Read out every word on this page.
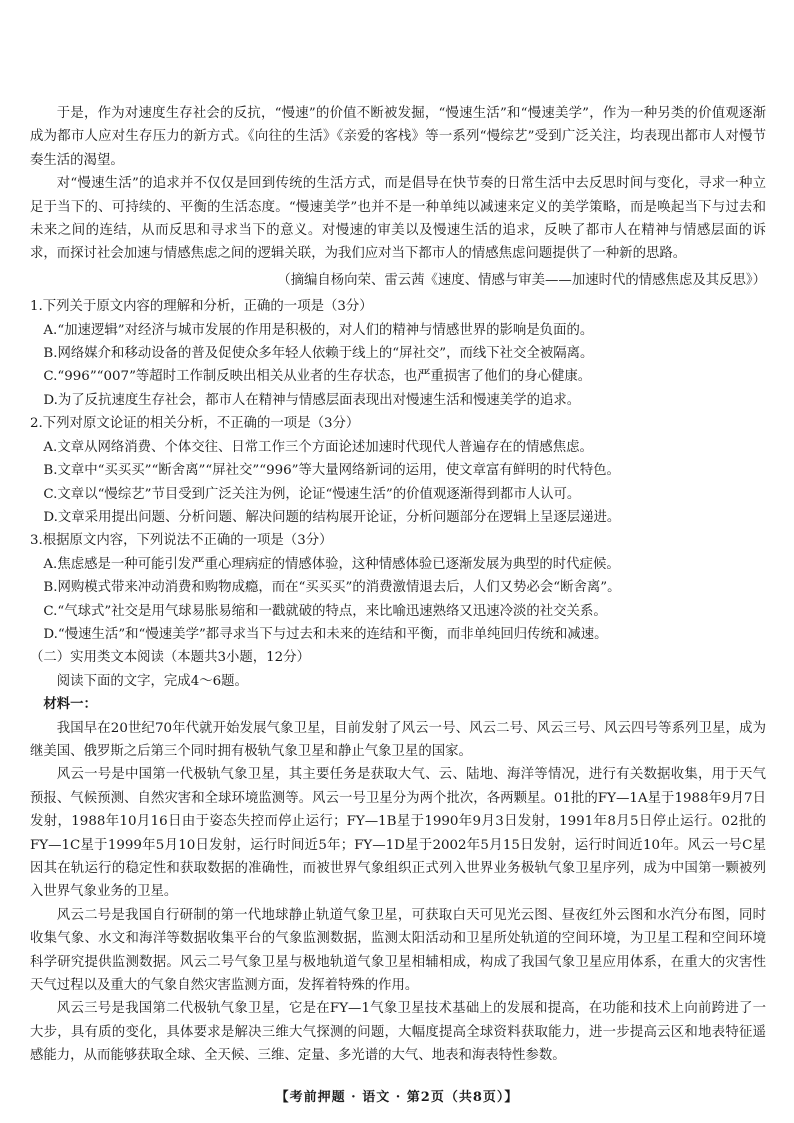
于是，作为对速度生存社会的反抗，“慢速”的价值不断被发掘，“慢速生活”和“慢速美学”，作为一种另类的价值观逐渐成为都市人应对生存压力的新方式。《向往的生活》《亲爱的客栈》等一系列“慢综艺”受到广泛关注，均表现出都市人对慢节奏生活的渴望。

对“慢速生活”的追求并不仅仅是回到传统的生活方式，而是倡导在快节奏的日常生活中去反思时间与变化，寻求一种立足于当下的、可持续的、平衡的生活态度。“慢速美学”也并不是一种单纯以减速来定义的美学策略，而是唤起当下与过去和未来之间的连结，从而反思和寻求当下的意义。对慢速的审美以及慢速生活的追求，反映了都市人在精神与情感层面的诉求，而探讨社会加速与情感焦虑之间的逻辑关联，为我们应对当下都市人的情感焦虑问题提供了一种新的思路。

（摘编自杨向荣、雷云茜《速度、情感与审美——加速时代的情感焦虑及其反思》）

1.下列关于原文内容的理解和分析，正确的一项是（3分）

A.“加速逻辑”对经济与城市发展的作用是积极的，对人们的精神与情感世界的影响是负面的。

B.网络媒介和移动设备的普及促使众多年轻人依赖于线上的“屏社交”，而线下社交全被隔离。

C.“996”“007”等超时工作制反映出相关从业者的生存状态，也严重损害了他们的身心健康。

D.为了反抗速度生存社会，都市人在精神与情感层面表现出对慢速生活和慢速美学的追求。

2.下列对原文论证的相关分析，不正确的一项是（3分）

A.文章从网络消费、个体交往、日常工作三个方面论述加速时代现代人普遍存在的情感焦虑。

B.文章中“买买买”“断舍离”“屏社交”“996”等大量网络新词的运用，使文章富有鲜明的时代特色。

C.文章以“慢综艺”节目受到广泛关注为例，论证“慢速生活”的价值观逐渐得到都市人认可。

D.文章采用提出问题、分析问题、解决问题的结构展开论证，分析问题部分在逻辑上呈逐层递进。

3.根据原文内容，下列说法不正确的一项是（3分）

A.焦虑感是一种可能引发严重心理病症的情感体验，这种情感体验已逐渐发展为典型的时代症候。

B.网购模式带来冲动消费和购物成瘾，而在“买买买”的消费激情退去后，人们又势必会“断舍离”。

C.“气球式”社交是用气球易胀易缩和一戳就破的特点，来比喻迅速熟络又迅速冷淡的社交关系。

D.“慢速生活”和“慢速美学”都寻求当下与过去和未来的连结和平衡，而非单纯回归传统和减速。

（二）实用类文本阅读（本题共3小题，12分）

阅读下面的文字，完成4～6题。

材料一：

我国早在20世纪70年代就开始发展气象卫星，目前发射了风云一号、风云二号、风云三号、风云四号等系列卫星，成为继美国、俄罗斯之后第三个同时拥有极轨气象卫星和静止气象卫星的国家。

风云一号是中国第一代极轨气象卫星，其主要任务是获取大气、云、陆地、海洋等情况，进行有关数据收集，用于天气预报、气候预测、自然灾害和全球环境监测等。风云一号卫星分为两个批次，各两颗星。01批的FY—1A星于1988年9月7日发射，1988年10月16日由于姿态失控而停止运行；FY—1B星于1990年9月3日发射，1991年8月5日停止运行。02批的FY—1C星于1999年5月10日发射，运行时间近5年；FY—1D星于2002年5月15日发射，运行时间近10年。风云一号C星因其在轨运行的稳定性和获取数据的准确性，而被世界气象组织正式列入世界业务极轨气象卫星序列，成为中国第一颗被列入世界气象业务的卫星。

风云二号是我国自行研制的第一代地球静止轨道气象卫星，可获取白天可见光云图、昼夜红外云图和水汽分布图，同时收集气象、水文和海洋等数据收集平台的气象监测数据，监测太阳活动和卫星所处轨道的空间环境，为卫星工程和空间环境科学研究提供监测数据。风云二号气象卫星与极地轨道气象卫星相辅相成，构成了我国气象卫星应用体系，在重大的灾害性天气过程以及重大的气象自然灾害监测方面，发挥着特殊的作用。

风云三号是我国第二代极轨气象卫星，它是在FY—1气象卫星技术基础上的发展和提高，在功能和技术上向前跨进了一大步，具有质的变化，具体要求是解决三维大气探测的问题，大幅度提高全球资料获取能力，进一步提高云区和地表特征遥感能力，从而能够获取全球、全天候、三维、定量、多光谱的大气、地表和海表特性参数。

【考前押题 · 语文 · 第2页（共8页）】
